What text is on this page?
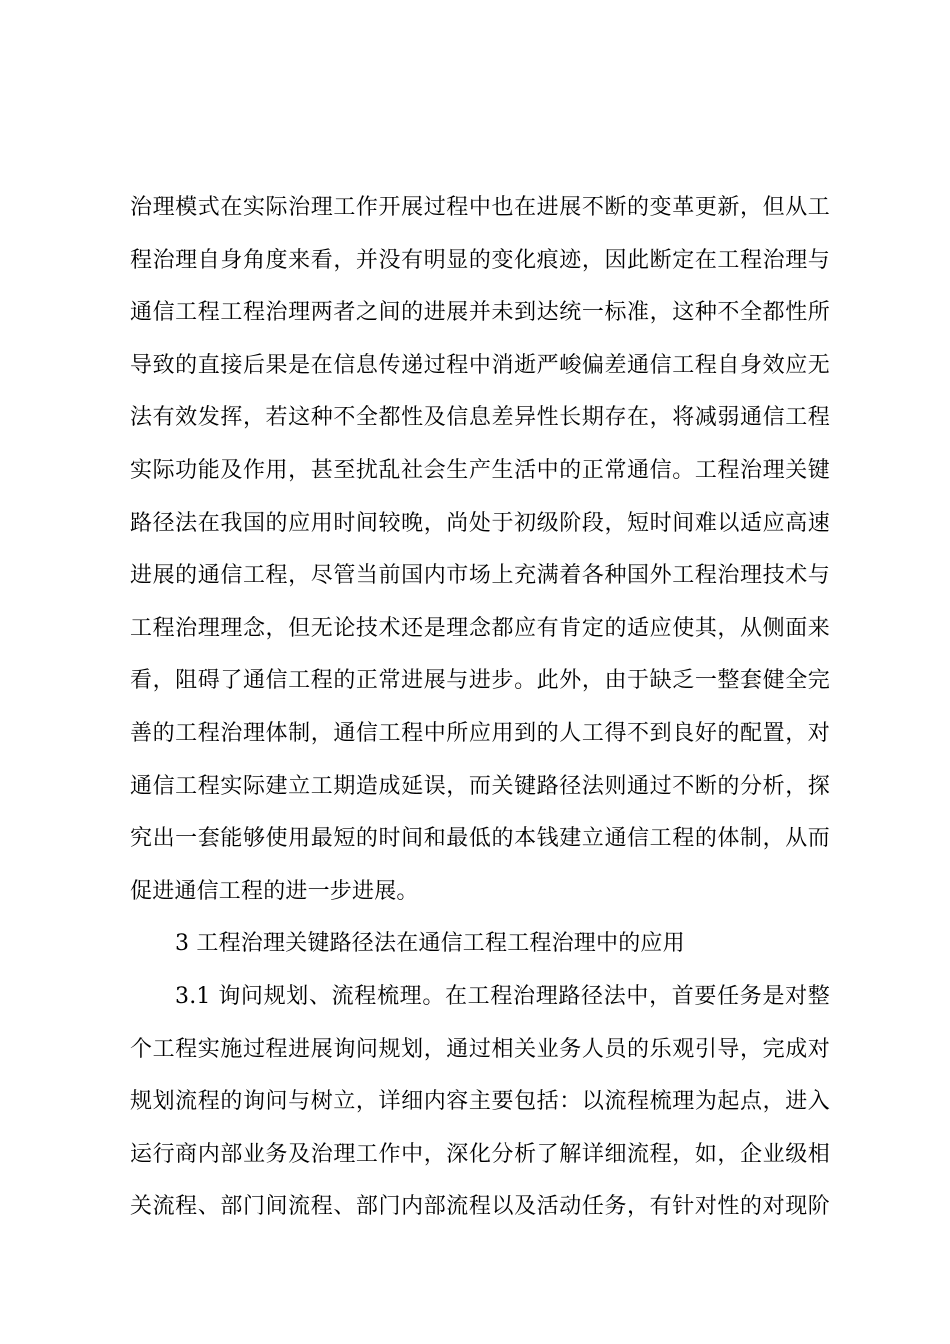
治理模式在实际治理工作开展过程中也在进展不断的变革更新，但从工
程治理自身角度来看，并没有明显的变化痕迹，因此断定在工程治理与
通信工程工程治理两者之间的进展并未到达统一标准，这种不全都性所
导致的直接后果是在信息传递过程中消逝严峻偏差通信工程自身效应无
法有效发挥，若这种不全都性及信息差异性长期存在，将减弱通信工程
实际功能及作用，甚至扰乱社会生产生活中的正常通信。工程治理关键
路径法在我国的应用时间较晚，尚处于初级阶段，短时间难以适应高速
进展的通信工程，尽管当前国内市场上充满着各种国外工程治理技术与
工程治理理念，但无论技术还是理念都应有肯定的适应使其，从侧面来
看，阻碍了通信工程的正常进展与进步。此外，由于缺乏一整套健全完
善的工程治理体制，通信工程中所应用到的人工得不到良好的配置，对
通信工程实际建立工期造成延误，而关键路径法则通过不断的分析，探
究出一套能够使用最短的时间和最低的本钱建立通信工程的体制，从而
促进通信工程的进一步进展。
3 工程治理关键路径法在通信工程工程治理中的应用
3.1 询问规划、流程梳理。在工程治理路径法中，首要任务是对整
个工程实施过程进展询问规划，通过相关业务人员的乐观引导，完成对
规划流程的询问与树立，详细内容主要包括：以流程梳理为起点，进入
运行商内部业务及治理工作中，深化分析了解详细流程，如，企业级相
关流程、部门间流程、部门内部流程以及活动任务，有针对性的对现阶
